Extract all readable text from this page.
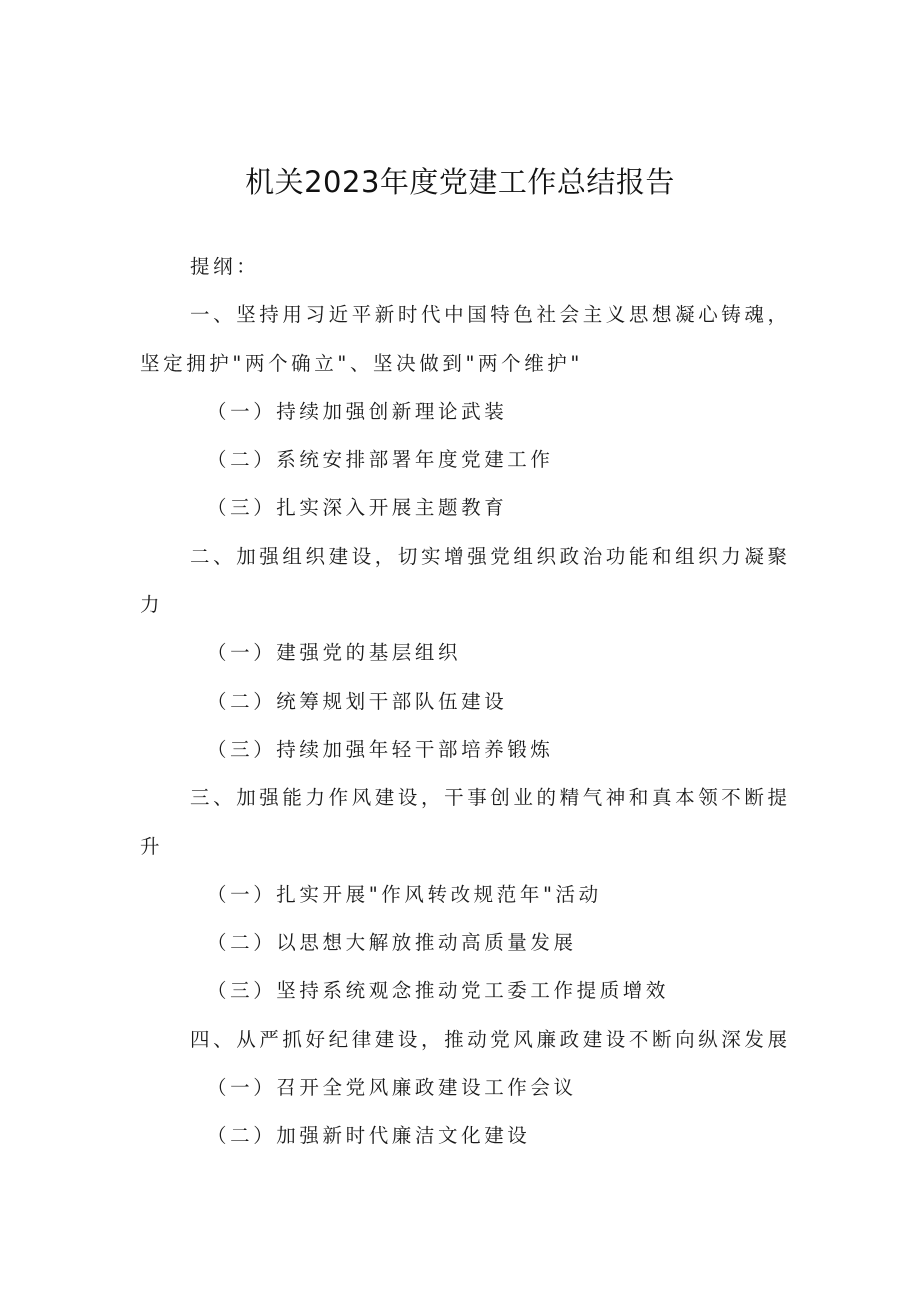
机关2023年度党建工作总结报告
提纲：
一、坚持用习近平新时代中国特色社会主义思想凝心铸魂，
坚定拥护"两个确立"、坚决做到"两个维护"
（一）持续加强创新理论武装
（二）系统安排部署年度党建工作
（三）扎实深入开展主题教育
二、加强组织建设，切实增强党组织政治功能和组织力凝聚
力
（一）建强党的基层组织
（二）统筹规划干部队伍建设
（三）持续加强年轻干部培养锻炼
三、加强能力作风建设，干事创业的精气神和真本领不断提
升
（一）扎实开展"作风转改规范年"活动
（二）以思想大解放推动高质量发展
（三）坚持系统观念推动党工委工作提质增效
四、从严抓好纪律建设，推动党风廉政建设不断向纵深发展
（一）召开全党风廉政建设工作会议
（二）加强新时代廉洁文化建设
